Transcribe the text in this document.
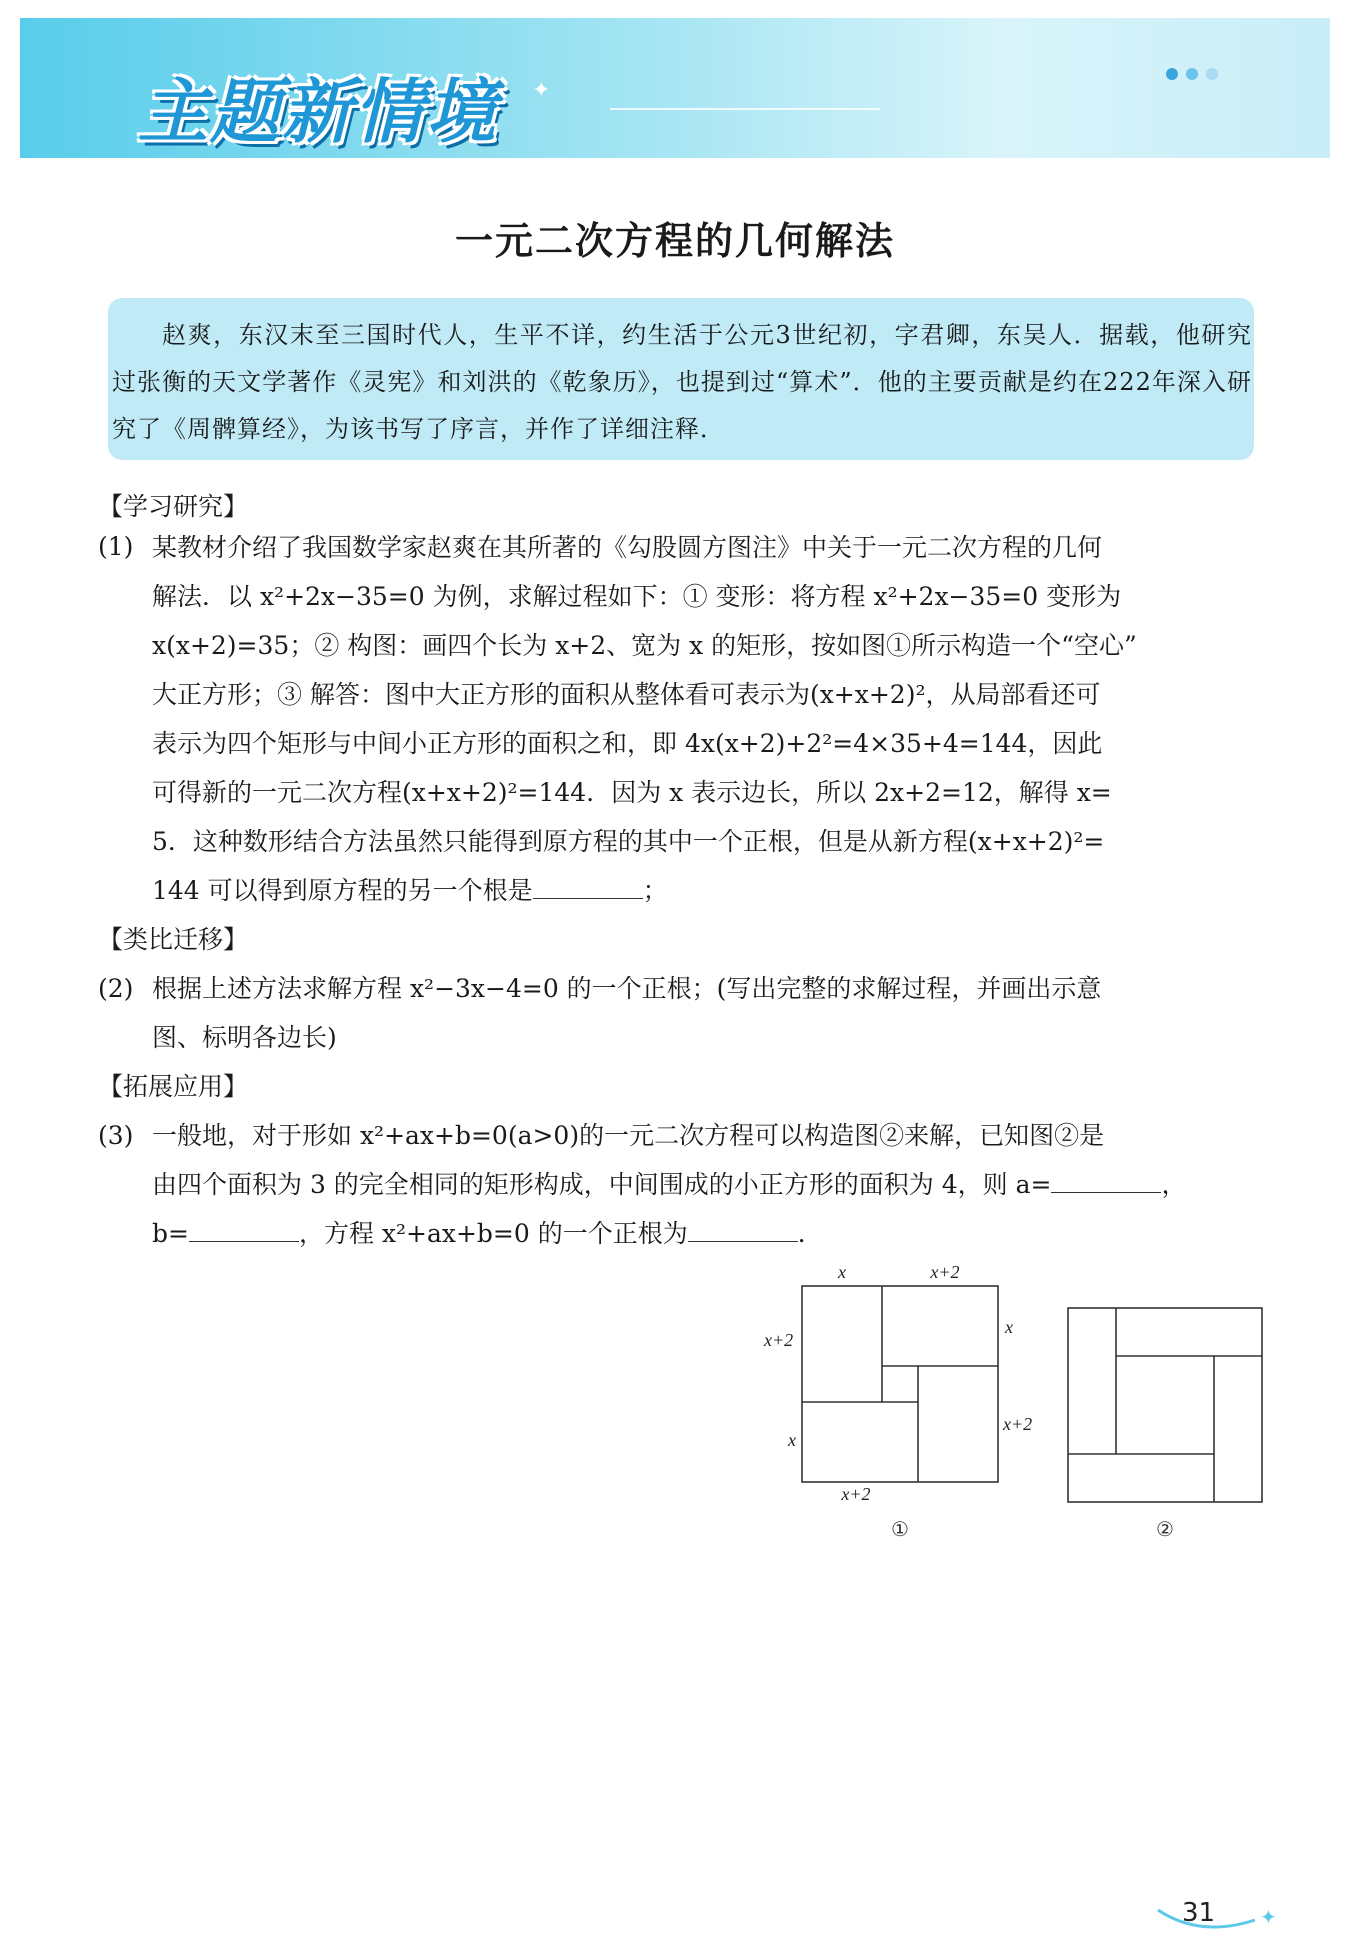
主题新情境 ✦
一元二次方程的几何解法
赵爽，东汉末至三国时代人，生平不详，约生活于公元3世纪初，字君卿，东吴人．据载，他研究过张衡的天文学著作《灵宪》和刘洪的《乾象历》，也提到过“算术”．他的主要贡献是约在222年深入研究了《周髀算经》，为该书写了序言，并作了详细注释．
【学习研究】
(1) 某教材介绍了我国数学家赵爽在其所著的《勾股圆方图注》中关于一元二次方程的几何
解法．以 x²+2x−35=0 为例，求解过程如下：① 变形：将方程 x²+2x−35=0 变形为
x(x+2)=35；② 构图：画四个长为 x+2、宽为 x 的矩形，按如图①所示构造一个“空心”
大正方形；③ 解答：图中大正方形的面积从整体看可表示为(x+x+2)²，从局部看还可
表示为四个矩形与中间小正方形的面积之和，即 4x(x+2)+2²=4×35+4=144，因此
可得新的一元二次方程(x+x+2)²=144．因为 x 表示边长，所以 2x+2=12，解得 x=
5．这种数形结合方法虽然只能得到原方程的其中一个正根，但是从新方程(x+x+2)²=
144 可以得到原方程的另一个根是	；
【类比迁移】
(2) 根据上述方法求解方程 x²−3x−4=0 的一个正根；(写出完整的求解过程，并画出示意
图、标明各边长)
【拓展应用】
(3) 一般地，对于形如 x²+ax+b=0(a>0)的一元二次方程可以构造图②来解，已知图②是
由四个面积为 3 的完全相同的矩形构成，中间围成的小正方形的面积为 4，则 a=	，
b=	，方程 x²+ax+b=0 的一个正根为	．
x	x+2
x+2
x
x+2
x
x+2
①	②
✦
31
